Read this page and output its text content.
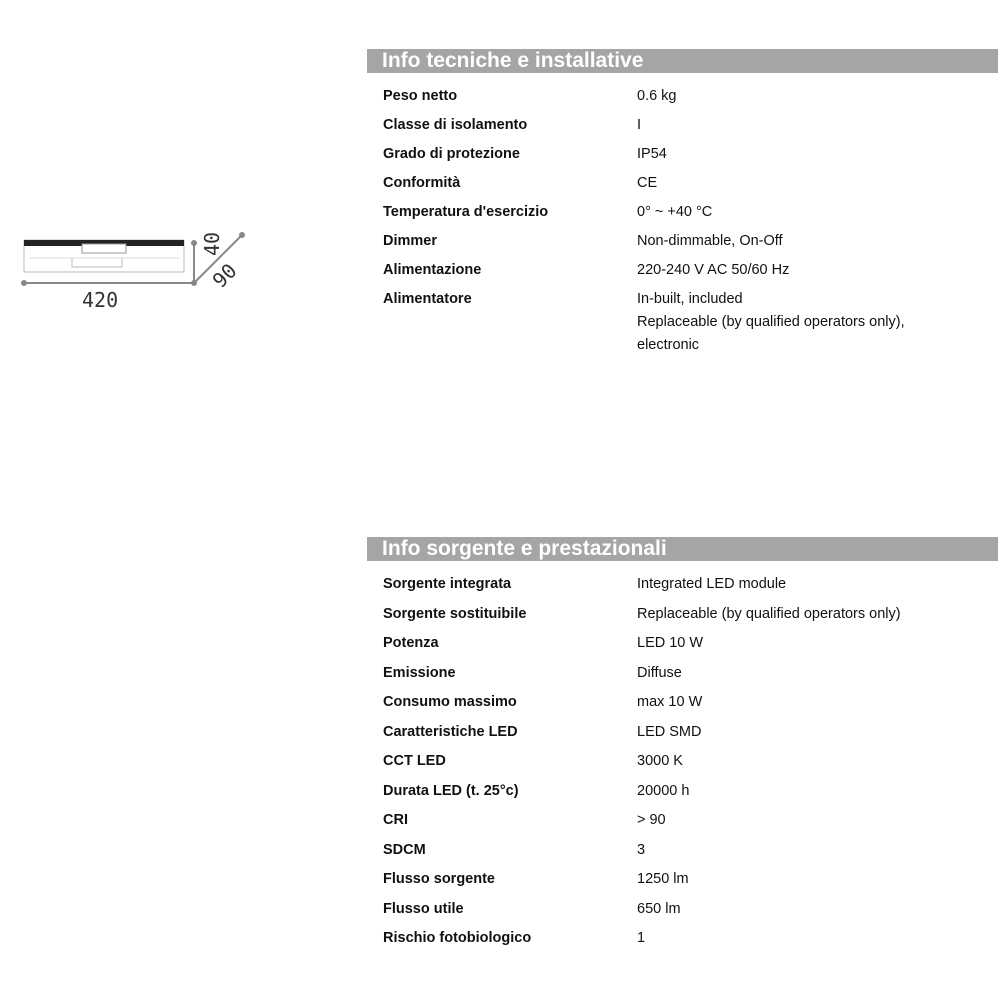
420
40
90
Info tecniche e installative
Peso netto	0.6 kg
Classe di isolamento	I
Grado di protezione	IP54
Conformità	CE
Temperatura d'esercizio	0° ~ +40 °C
Dimmer	Non-dimmable, On-Off
Alimentazione	220-240 V AC 50/60 Hz
Alimentatore	In-built, included
Replaceable (by qualified operators only),
electronic
Info sorgente e prestazionali
Sorgente integrata	Integrated LED module
Sorgente sostituibile	Replaceable (by qualified operators only)
Potenza	LED 10 W
Emissione	Diffuse
Consumo massimo	max 10 W
Caratteristiche LED	LED SMD
CCT LED	3000 K
Durata LED (t. 25°c)	20000 h
CRI	> 90
SDCM	3
Flusso sorgente	1250 lm
Flusso utile	650 lm
Rischio fotobiologico	1
